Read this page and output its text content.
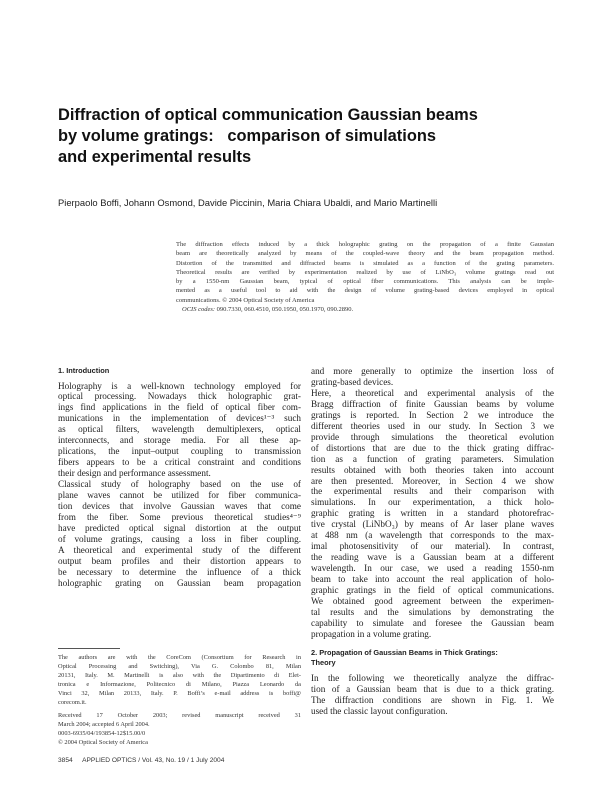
Diffraction of optical communication Gaussian beams
by volume gratings:   comparison of simulations
and experimental results

Pierpaolo Boffi, Johann Osmond, Davide Piccinin, Maria Chiara Ubaldi, and Mario Martinelli

The diffraction effects induced by a thick holographic grating on the propagation of a finite Gaussian
beam are theoretically analyzed by means of the coupled-wave theory and the beam propagation method.
Distortion of the transmitted and diffracted beams is simulated as a function of the grating parameters.
Theoretical results are verified by experimentation realized by use of LiNbO₃ volume gratings read out
by a 1550-nm Gaussian beam, typical of optical fiber communications. This analysis can be imple-
mented as a useful tool to aid with the design of volume grating-based devices employed in optical
communications. © 2004 Optical Society of America
OCIS codes: 090.7330, 060.4510, 050.1950, 050.1970, 090.2890.
1. Introduction
Holography is a well-known technology employed for
optical processing. Nowadays thick holographic grat-
ings find applications in the field of optical fiber com-
munications in the implementation of devices¹⁻³ such
as optical filters, wavelength demultiplexers, optical
interconnects, and storage media. For all these ap-
plications, the input–output coupling to transmission
fibers appears to be a critical constraint and conditions
their design and performance assessment.
Classical study of holography based on the use of
plane waves cannot be utilized for fiber communica-
tion devices that involve Gaussian waves that come
from the fiber. Some previous theoretical studies⁴⁻⁹
have predicted optical signal distortion at the output
of volume gratings, causing a loss in fiber coupling.
A theoretical and experimental study of the different
output beam profiles and their distortion appears to
be necessary to determine the influence of a thick
holographic grating on Gaussian beam propagation
The authors are with the CoreCom (Consortium for Research in
Optical Processing and Switching), Via G. Colombo 81, Milan
20131, Italy. M. Martinelli is also with the Dipartimento di Elet-
tronica e Informazione, Politecnico di Milano, Piazza Leonardo da
Vinci 32, Milan 20133, Italy. P. Boffi’s e-mail address is boffi@
corecom.it.
Received 17 October 2003; revised manuscript received 31
March 2004; accepted 6 April 2004.
0003-6935/04/193854-12$15.00/0
© 2004 Optical Society of America
and more generally to optimize the insertion loss of
grating-based devices.
Here, a theoretical and experimental analysis of the
Bragg diffraction of finite Gaussian beams by volume
gratings is reported. In Section 2 we introduce the
different theories used in our study. In Section 3 we
provide through simulations the theoretical evolution
of distortions that are due to the thick grating diffrac-
tion as a function of grating parameters. Simulation
results obtained with both theories taken into account
are then presented. Moreover, in Section 4 we show
the experimental results and their comparison with
simulations. In our experimentation, a thick holo-
graphic grating is written in a standard photorefrac-
tive crystal (LiNbO₃) by means of Ar laser plane waves
at 488 nm (a wavelength that corresponds to the max-
imal photosensitivity of our material). In contrast,
the reading wave is a Gaussian beam at a different
wavelength. In our case, we used a reading 1550-nm
beam to take into account the real application of holo-
graphic gratings in the field of optical communications.
We obtained good agreement between the experimen-
tal results and the simulations by demonstrating the
capability to simulate and foresee the Gaussian beam
propagation in a volume grating.
2. Propagation of Gaussian Beams in Thick Gratings:
Theory
In the following we theoretically analyze the diffrac-
tion of a Gaussian beam that is due to a thick grating.
The diffraction conditions are shown in Fig. 1. We
used the classic layout configuration.
3854 APPLIED OPTICS / Vol. 43, No. 19 / 1 July 2004
